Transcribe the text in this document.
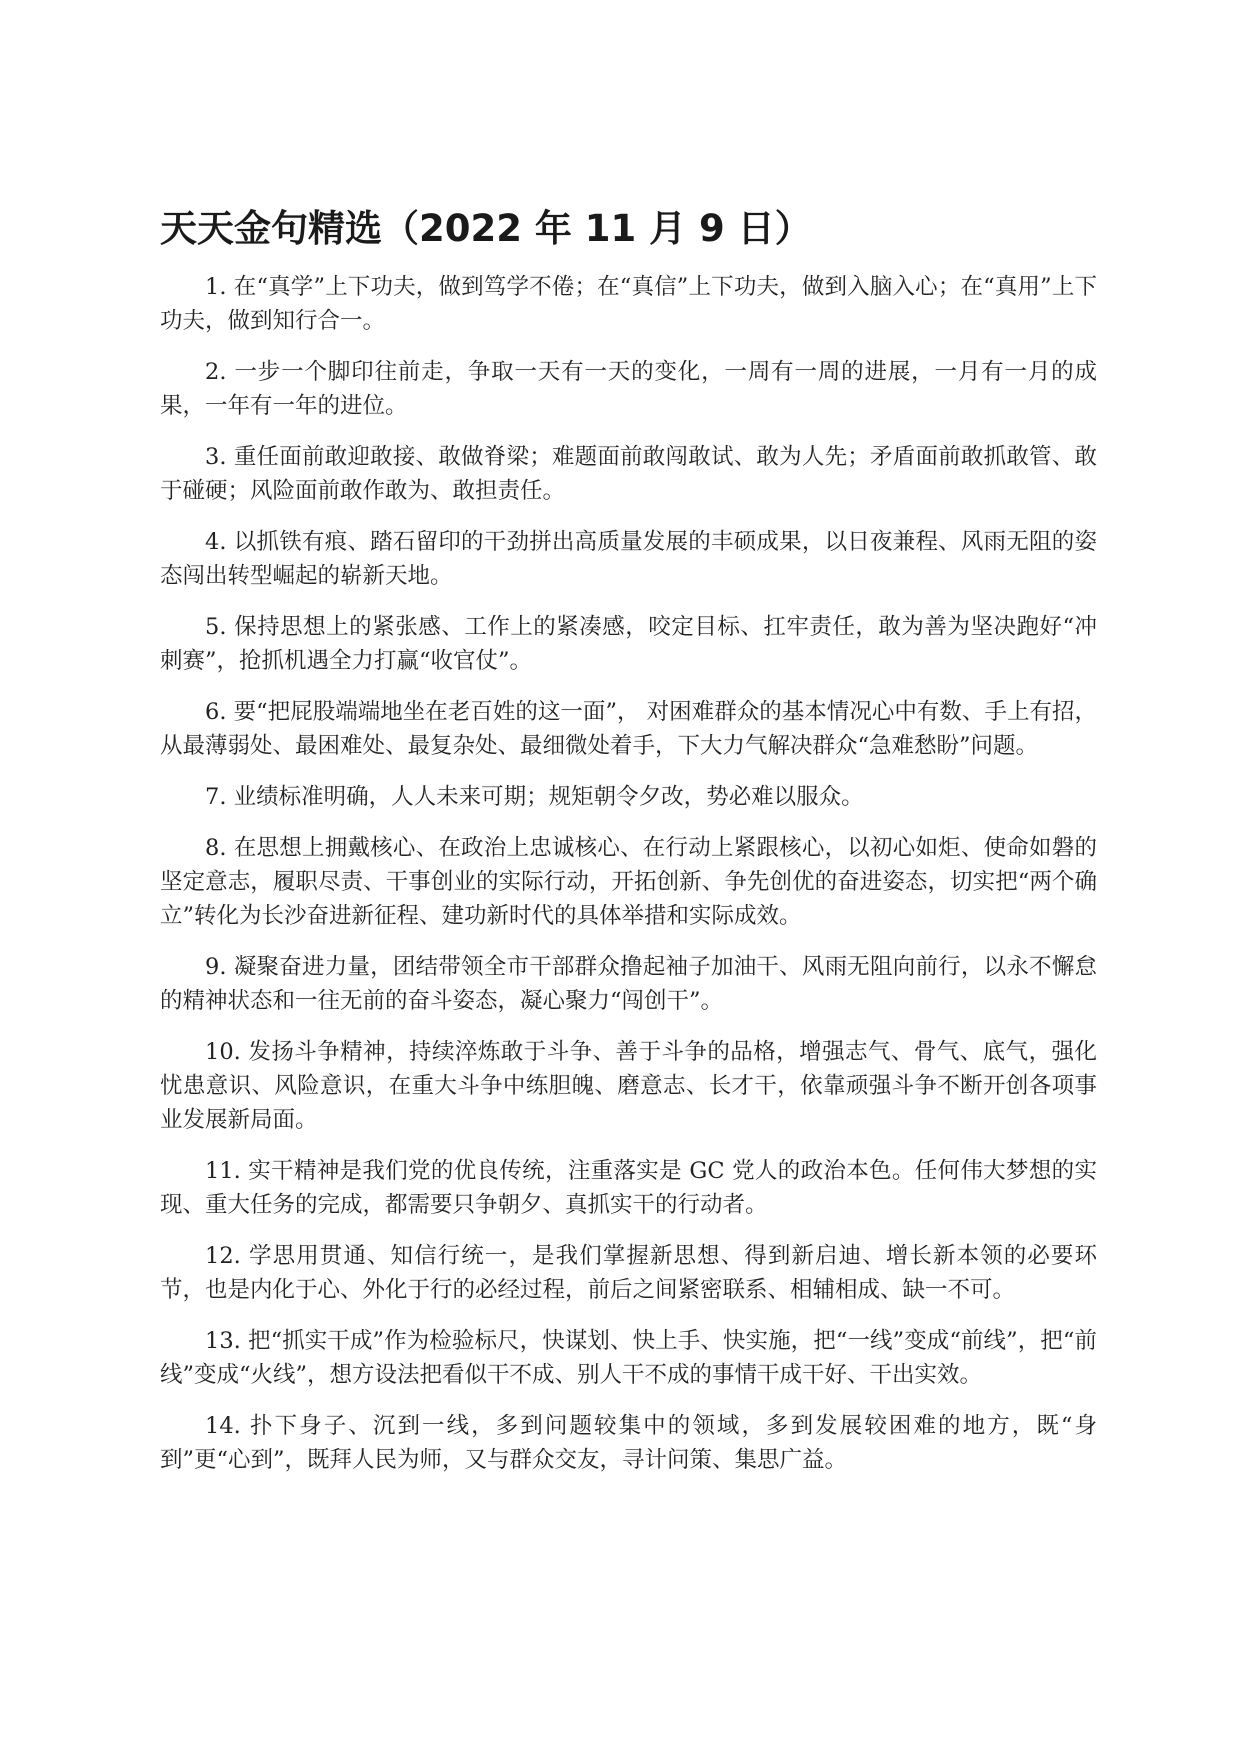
天天金句精选（2022 年 11 月 9 日）

1. 在“真学”上下功夫，做到笃学不倦；在“真信”上下功夫，做到入脑入心；在“真用”上下功夫，做到知行合一。

2. 一步一个脚印往前走，争取一天有一天的变化，一周有一周的进展，一月有一月的成果，一年有一年的进位。

3. 重任面前敢迎敢接、敢做脊梁；难题面前敢闯敢试、敢为人先；矛盾面前敢抓敢管、敢于碰硬；风险面前敢作敢为、敢担责任。

4. 以抓铁有痕、踏石留印的干劲拼出高质量发展的丰硕成果，以日夜兼程、风雨无阻的姿态闯出转型崛起的崭新天地。

5. 保持思想上的紧张感、工作上的紧凑感，咬定目标、扛牢责任，敢为善为坚决跑好“冲刺赛”，抢抓机遇全力打赢“收官仗”。

6. 要“把屁股端端地坐在老百姓的这一面”， 对困难群众的基本情况心中有数、手上有招，从最薄弱处、最困难处、最复杂处、最细微处着手，下大力气解决群众“急难愁盼”问题。

7. 业绩标准明确，人人未来可期；规矩朝令夕改，势必难以服众。

8. 在思想上拥戴核心、在政治上忠诚核心、在行动上紧跟核心，以初心如炬、使命如磐的坚定意志，履职尽责、干事创业的实际行动，开拓创新、争先创优的奋进姿态，切实把“两个确立”转化为长沙奋进新征程、建功新时代的具体举措和实际成效。

9. 凝聚奋进力量，团结带领全市干部群众撸起袖子加油干、风雨无阻向前行，以永不懈怠的精神状态和一往无前的奋斗姿态，凝心聚力“闯创干”。

10. 发扬斗争精神，持续淬炼敢于斗争、善于斗争的品格，增强志气、骨气、底气，强化忧患意识、风险意识，在重大斗争中练胆魄、磨意志、长才干，依靠顽强斗争不断开创各项事业发展新局面。

11. 实干精神是我们党的优良传统，注重落实是 GC 党人的政治本色。任何伟大梦想的实现、重大任务的完成，都需要只争朝夕、真抓实干的行动者。

12. 学思用贯通、知信行统一，是我们掌握新思想、得到新启迪、增长新本领的必要环节，也是内化于心、外化于行的必经过程，前后之间紧密联系、相辅相成、缺一不可。

13. 把“抓实干成”作为检验标尺，快谋划、快上手、快实施，把“一线”变成“前线”，把“前线”变成“火线”，想方设法把看似干不成、别人干不成的事情干成干好、干出实效。

14. 扑下身子、沉到一线，多到问题较集中的领域，多到发展较困难的地方，既“身到”更“心到”，既拜人民为师，又与群众交友，寻计问策、集思广益。
